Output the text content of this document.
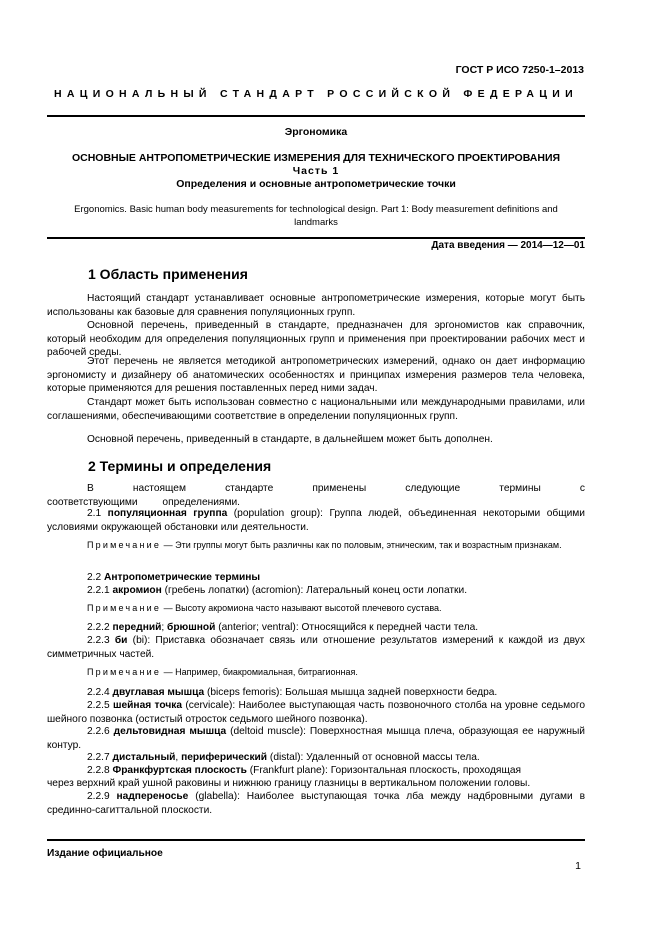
ГОСТ Р ИСО 7250-1–2013
НАЦИОНАЛЬНЫЙ СТАНДАРТ РОССИЙСКОЙ ФЕДЕРАЦИИ
Эргономика
ОСНОВНЫЕ АНТРОПОМЕТРИЧЕСКИЕ ИЗМЕРЕНИЯ ДЛЯ ТЕХНИЧЕСКОГО ПРОЕКТИРОВАНИЯ
Часть 1
Определения и основные антропометрические точки
Ergonomics. Basic human body measurements for technological design. Part 1: Body measurement definitions and landmarks
Дата введения — 2014—12—01
1 Область применения
Настоящий стандарт устанавливает основные антропометрические измерения, которые могут быть использованы как базовые для сравнения популяционных групп.
Основной перечень, приведенный в стандарте, предназначен для эргономистов как справочник, который необходим для определения популяционных групп и применения при проектировании рабочих мест и рабочей среды.
Этот перечень не является методикой антропометрических измерений, однако он дает информацию эргономисту и дизайнеру об анатомических особенностях и принципах измерения размеров тела человека, которые применяются для решения поставленных перед ними задач.
Стандарт может быть использован совместно с национальными или международными правилами, или соглашениями, обеспечивающими соответствие в определении популяционных групп.
Основной перечень, приведенный в стандарте, в дальнейшем может быть дополнен.
2 Термины и определения
В настоящем стандарте применены следующие термины с соответствующими определениями.
2.1 популяционная группа (population group): Группа людей, объединенная некоторыми общими условиями окружающей обстановки или деятельности.
Примечание — Эти группы могут быть различны как по половым, этническим, так и возрастным признакам.
2.2 Антропометрические термины
2.2.1 акромион (гребень лопатки) (acromion): Латеральный конец ости лопатки.
Примечание — Высоту акромиона часто называют высотой плечевого сустава.
2.2.2 передний; брюшной (anterior; ventral): Относящийся к передней части тела.
2.2.3 би (bi): Приставка обозначает связь или отношение результатов измерений к каждой из двух симметричных частей.
Примечание — Например, биакромиальная, битрагионная.
2.2.4 двуглавая мышца (biceps femoris): Большая мышца задней поверхности бедра.
2.2.5 шейная точка (cervicale): Наиболее выступающая часть позвоночного столба на уровне седьмого шейного позвонка (остистый отросток седьмого шейного позвонка).
2.2.6 дельтовидная мышца (deltoid muscle): Поверхностная мышца плеча, образующая ее наружный контур.
2.2.7 дистальный, периферический (distal): Удаленный от основной массы тела.
2.2.8 Франкфуртская плоскость (Frankfurt plane): Горизонтальная плоскость, проходящая
через верхний край ушной раковины и нижнюю границу глазницы в вертикальном положении головы.
2.2.9 надпереносье (glabella): Наиболее выступающая точка лба между надбровными дугами в срединно-сагиттальной плоскости.
Издание официальное
1
